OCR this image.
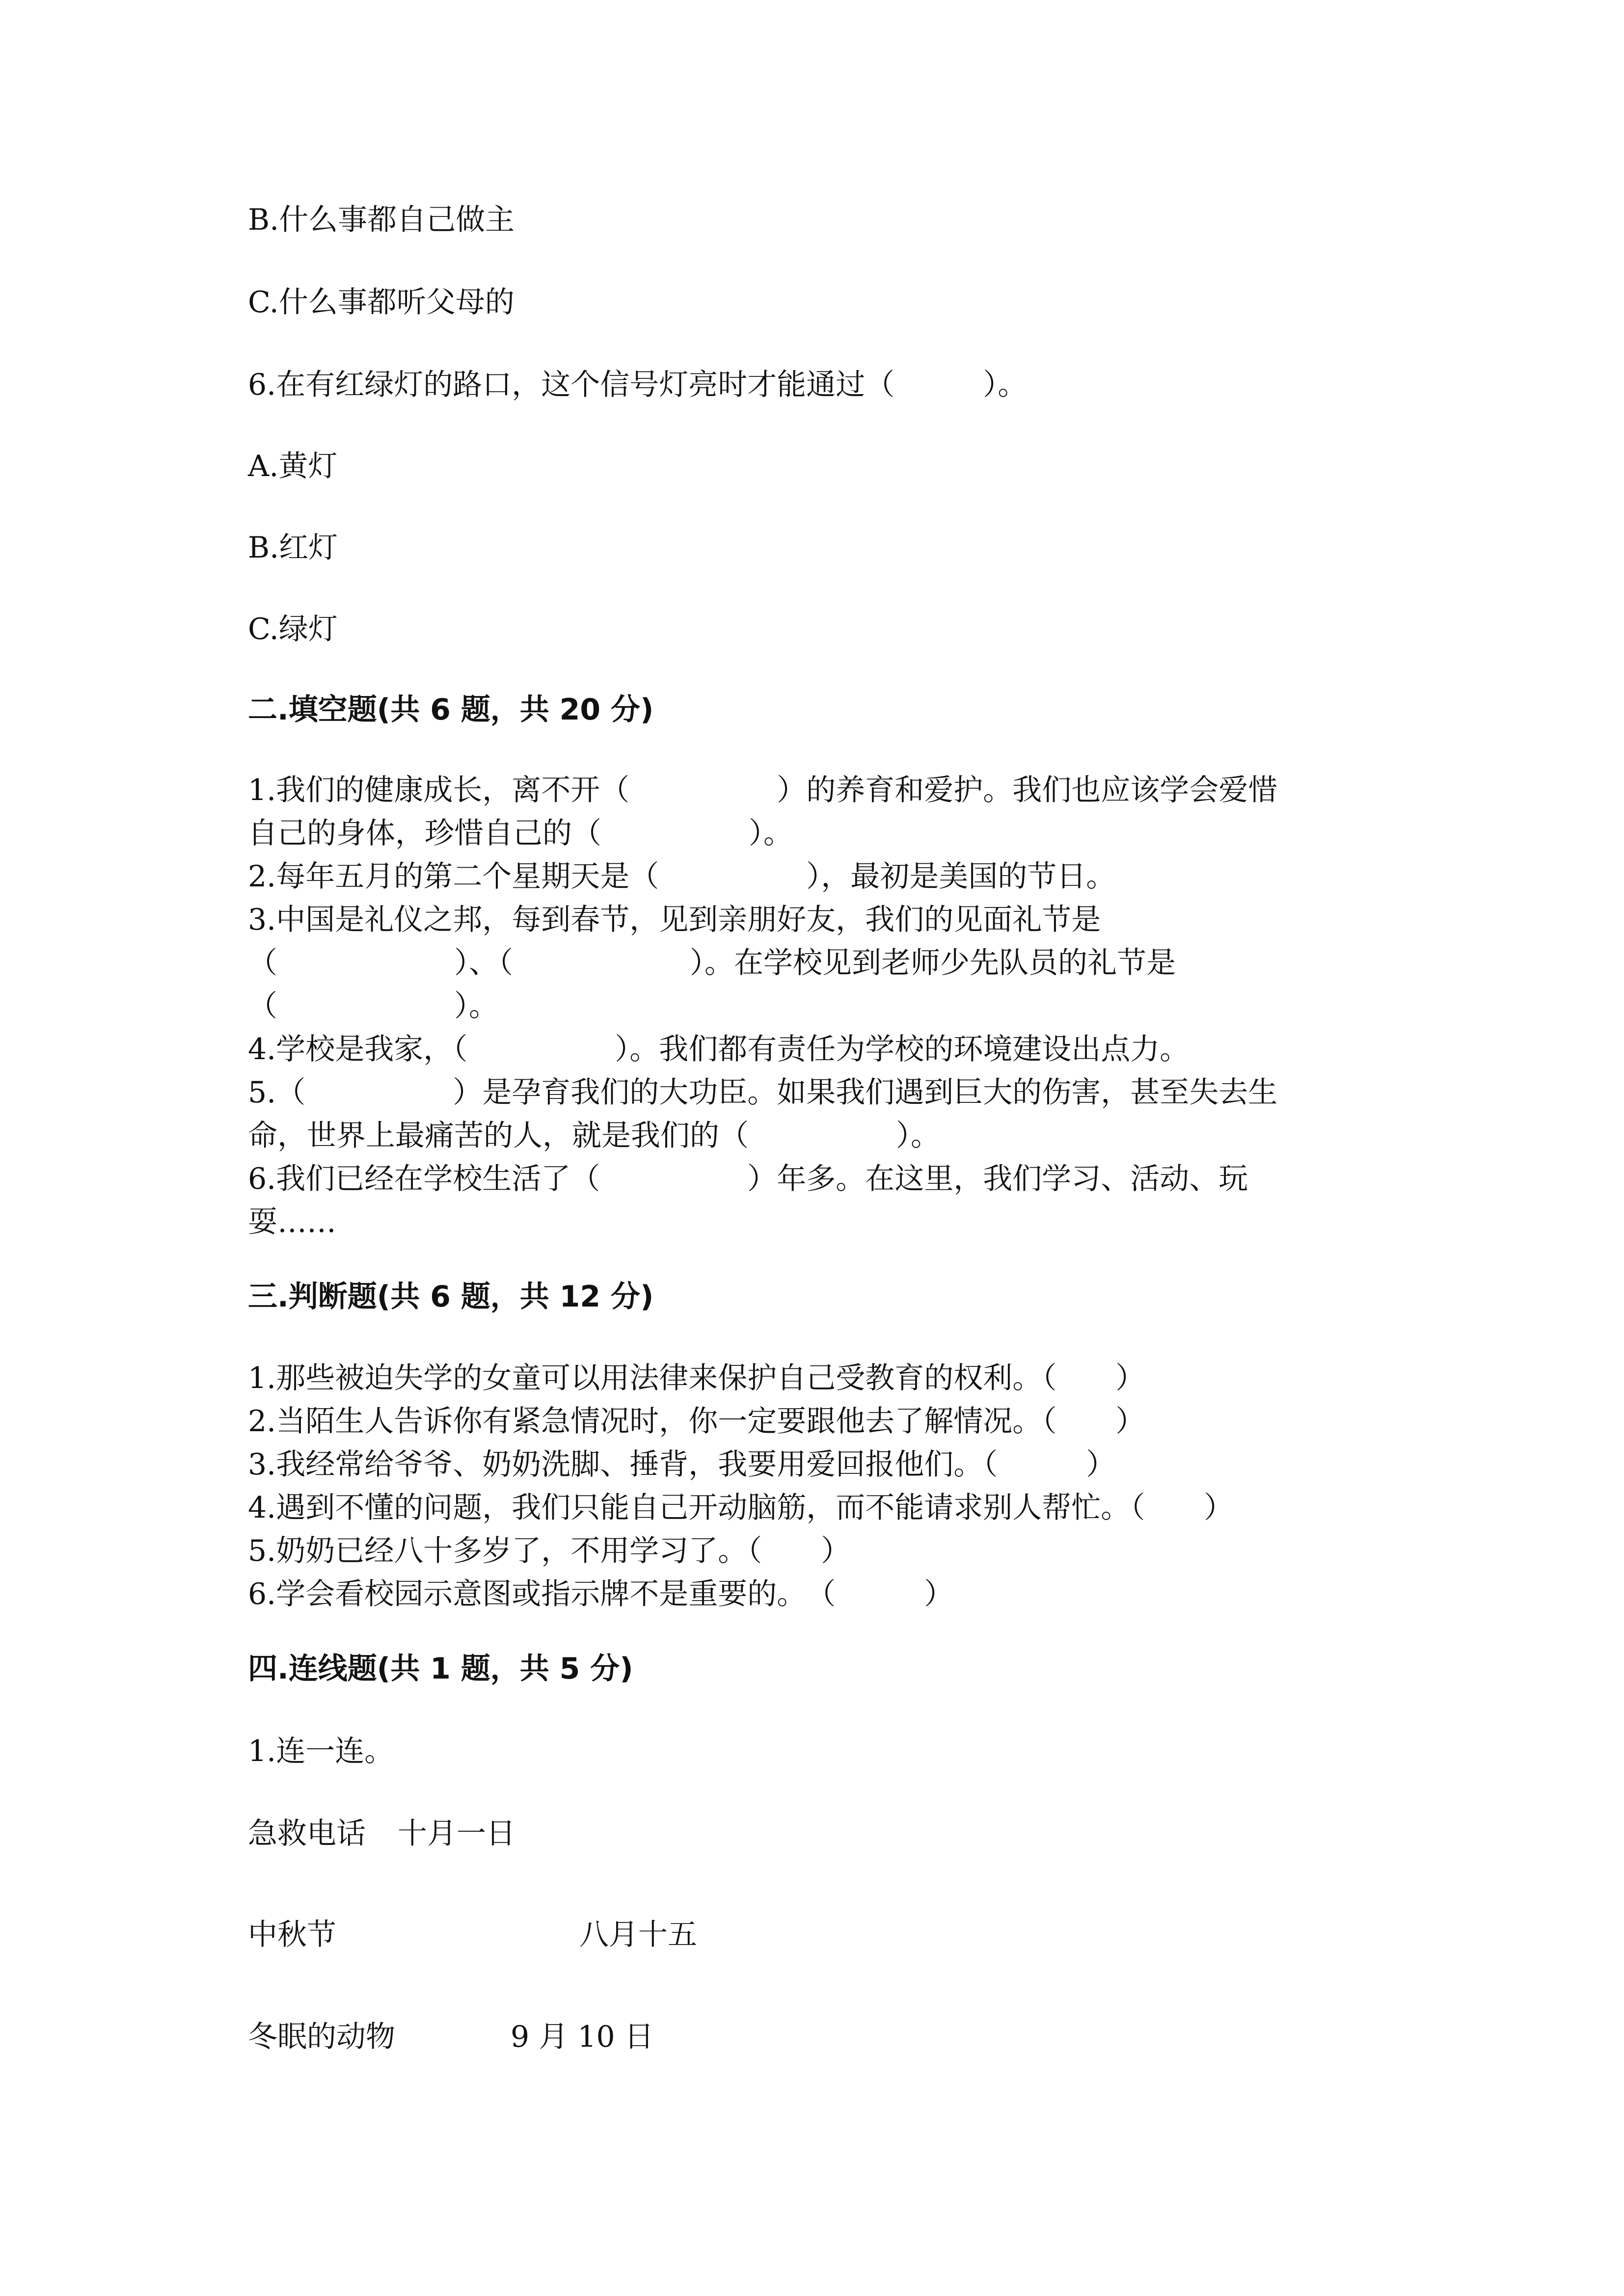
B.什么事都自己做主

C.什么事都听父母的

6.在有红绿灯的路口，这个信号灯亮时才能通过（　　　）。

A.黄灯

B.红灯

C.绿灯

二.填空题(共 6 题，共 20 分)

1.我们的健康成长，离不开（　　　　　）的养育和爱护。我们也应该学会爱惜

自己的身体，珍惜自己的（　　　　　）。

2.每年五月的第二个星期天是（　　　　　），最初是美国的节日。

3.中国是礼仪之邦，每到春节，见到亲朋好友，我们的见面礼节是

（　　　　　　）、（　　　　　　）。在学校见到老师少先队员的礼节是

（　　　　　　）。

4.学校是我家，（　　　　　）。我们都有责任为学校的环境建设出点力。

5.（　　　　　）是孕育我们的大功臣。如果我们遇到巨大的伤害，甚至失去生

命，世界上最痛苦的人，就是我们的（　　　　　）。

6.我们已经在学校生活了（　　　　　）年多。在这里，我们学习、活动、玩

耍……

三.判断题(共 6 题，共 12 分)

1.那些被迫失学的女童可以用法律来保护自己受教育的权利。（　　）

2.当陌生人告诉你有紧急情况时，你一定要跟他去了解情况。（　　）

3.我经常给爷爷、奶奶洗脚、捶背，我要用爱回报他们。（　　　）

4.遇到不懂的问题，我们只能自己开动脑筋，而不能请求别人帮忙。（　　）

5.奶奶已经八十多岁了，不用学习了。（　　）

6.学会看校园示意图或指示牌不是重要的。　（　　　）

四.连线题(共 1 题，共 5 分)

1.连一连。

急救电话 十月一日

中秋节	八月十五

冬眠的动物	9 月 10 日
